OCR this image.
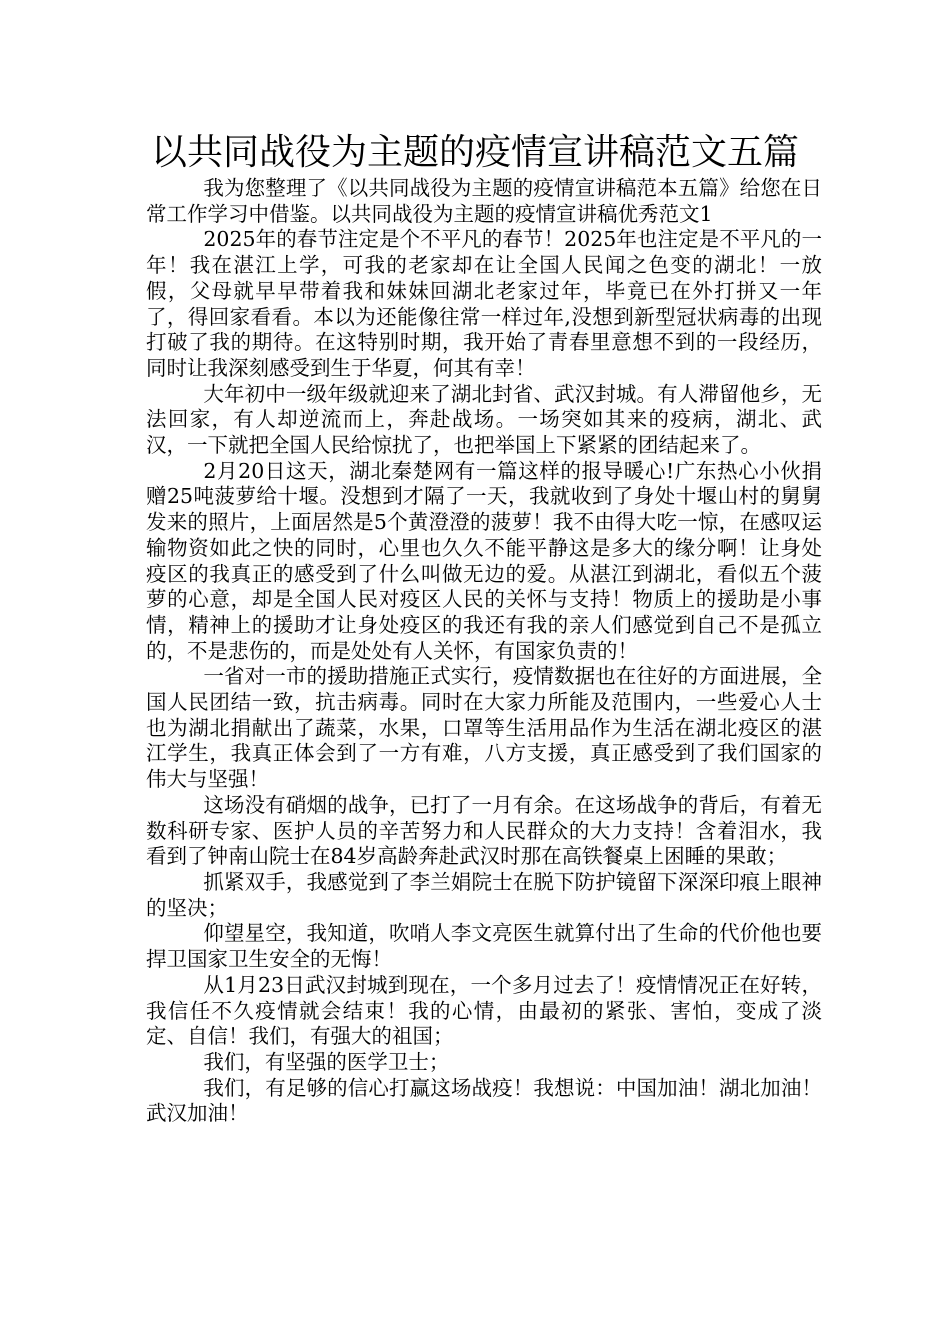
以共同战役为主题的疫情宣讲稿范文五篇

我为您整理了《以共同战役为主题的疫情宣讲稿范本五篇》给您在日常工作学习中借鉴。以共同战役为主题的疫情宣讲稿优秀范文1

2025年的春节注定是个不平凡的春节！2025年也注定是不平凡的一年！我在湛江上学，可我的老家却在让全国人民闻之色变的湖北！一放假，父母就早早带着我和妹妹回湖北老家过年，毕竟已在外打拼又一年了，得回家看看。本以为还能像往常一样过年,没想到新型冠状病毒的出现打破了我的期待。在这特别时期，我开始了青春里意想不到的一段经历，同时让我深刻感受到生于华夏，何其有幸！

大年初中一级年级就迎来了湖北封省、武汉封城。有人滞留他乡，无法回家，有人却逆流而上，奔赴战场。一场突如其来的疫病，湖北、武汉，一下就把全国人民给惊扰了，也把举国上下紧紧的团结起来了。

2月20日这天，湖北秦楚网有一篇这样的报导暖心!广东热心小伙捐赠25吨菠萝给十堰。没想到才隔了一天，我就收到了身处十堰山村的舅舅发来的照片，上面居然是5个黄澄澄的菠萝！我不由得大吃一惊，在感叹运输物资如此之快的同时，心里也久久不能平静这是多大的缘分啊！让身处疫区的我真正的感受到了什么叫做无边的爱。从湛江到湖北，看似五个菠萝的心意，却是全国人民对疫区人民的关怀与支持！物质上的援助是小事情，精神上的援助才让身处疫区的我还有我的亲人们感觉到自己不是孤立的，不是悲伤的，而是处处有人关怀，有国家负责的！

一省对一市的援助措施正式实行，疫情数据也在往好的方面进展，全国人民团结一致，抗击病毒。同时在大家力所能及范围内，一些爱心人士也为湖北捐献出了蔬菜，水果，口罩等生活用品作为生活在湖北疫区的湛江学生，我真正体会到了一方有难，八方支援，真正感受到了我们国家的伟大与坚强！

这场没有硝烟的战争，已打了一月有余。在这场战争的背后，有着无数科研专家、医护人员的辛苦努力和人民群众的大力支持！含着泪水，我看到了钟南山院士在84岁高龄奔赴武汉时那在高铁餐桌上困睡的果敢；

抓紧双手，我感觉到了李兰娟院士在脱下防护镜留下深深印痕上眼神的坚决；

仰望星空，我知道，吹哨人李文亮医生就算付出了生命的代价他也要捍卫国家卫生安全的无悔！

从1月23日武汉封城到现在，一个多月过去了！疫情情况正在好转，我信任不久疫情就会结束！我的心情，由最初的紧张、害怕，变成了淡定、自信！我们，有强大的祖国；

我们，有坚强的医学卫士；

我们，有足够的信心打赢这场战疫！我想说：中国加油！湖北加油！武汉加油！
